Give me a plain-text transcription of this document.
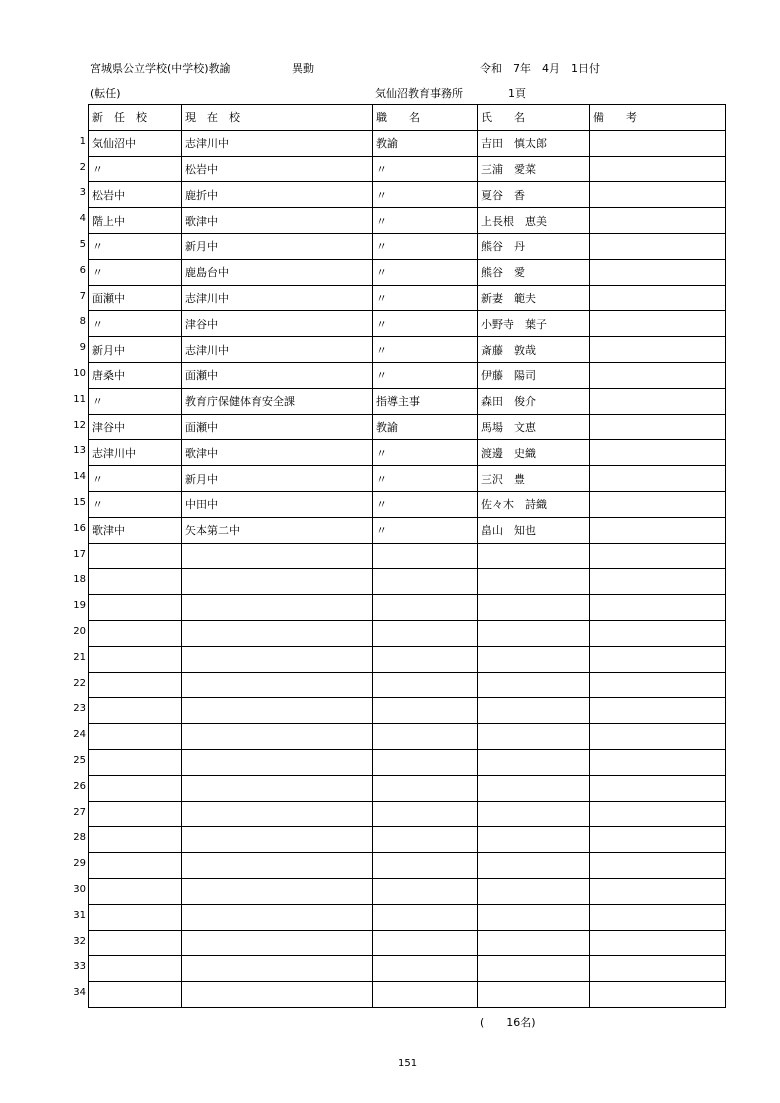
宮城県公立学校(中学校)教諭	異動	令和　7年　4月　1日付
(転任)	気仙沼教育事務所	1頁
1
2
3
4
5
6
7
8
9
10
11
12
13
14
15
16
17
18
19
20
21
22
23
24
25
26
27
28
29
30
31
32
33
34
新　任　校	現　在　校	職　　名	氏　　名	備　　考
気仙沼中	志津川中	教諭	吉田　慎太郎	
〃	松岩中	〃	三浦　愛菜	
松岩中	鹿折中	〃	夏谷　香	
階上中	歌津中	〃	上長根　恵美	
〃	新月中	〃	熊谷　丹	
〃	鹿島台中	〃	熊谷　愛	
面瀬中	志津川中	〃	新妻　範夫	
〃	津谷中	〃	小野寺　葉子	
新月中	志津川中	〃	斎藤　敦哉	
唐桑中	面瀬中	〃	伊藤　陽司	
〃	教育庁保健体育安全課	指導主事	森田　俊介	
津谷中	面瀬中	教諭	馬場　文恵	
志津川中	歌津中	〃	渡邊　史織	
〃	新月中	〃	三沢　豊	
〃	中田中	〃	佐々木　詩織	
歌津中	矢本第二中	〃	畠山　知也	

(　　16名)
151
